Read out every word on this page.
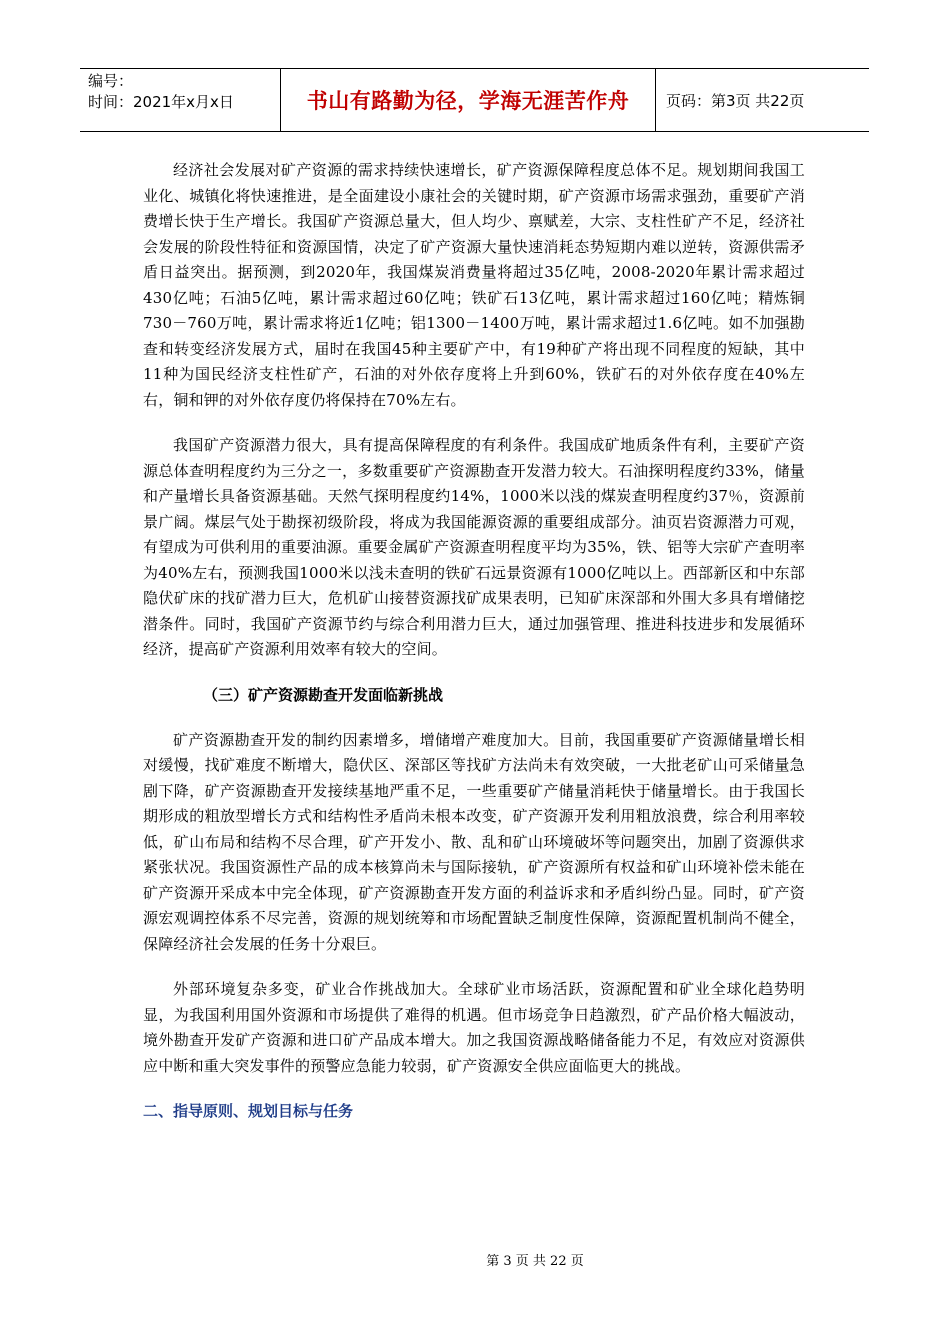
编号：
时间：2021年x月x日	书山有路勤为径，学海无涯苦作舟	页码：第3页 共22页

经济社会发展对矿产资源的需求持续快速增长，矿产资源保障程度总体不足。规划期间我国工业化、城镇化将快速推进，是全面建设小康社会的关键时期，矿产资源市场需求强劲，重要矿产消费增长快于生产增长。我国矿产资源总量大，但人均少、禀赋差，大宗、支柱性矿产不足，经济社会发展的阶段性特征和资源国情，决定了矿产资源大量快速消耗态势短期内难以逆转，资源供需矛盾日益突出。据预测，到2020年，我国煤炭消费量将超过35亿吨，2008-2020年累计需求超过430亿吨；石油5亿吨，累计需求超过60亿吨；铁矿石13亿吨，累计需求超过160亿吨；精炼铜730－760万吨，累计需求将近1亿吨；铝1300－1400万吨，累计需求超过1.6亿吨。如不加强勘查和转变经济发展方式，届时在我国45种主要矿产中，有19种矿产将出现不同程度的短缺，其中11种为国民经济支柱性矿产，石油的对外依存度将上升到60%，铁矿石的对外依存度在40%左右，铜和钾的对外依存度仍将保持在70%左右。

我国矿产资源潜力很大，具有提高保障程度的有利条件。我国成矿地质条件有利，主要矿产资源总体查明程度约为三分之一，多数重要矿产资源勘查开发潜力较大。石油探明程度约33%，储量和产量增长具备资源基础。天然气探明程度约14%，1000米以浅的煤炭查明程度约37％，资源前景广阔。煤层气处于勘探初级阶段，将成为我国能源资源的重要组成部分。油页岩资源潜力可观，有望成为可供利用的重要油源。重要金属矿产资源查明程度平均为35%，铁、铝等大宗矿产查明率为40%左右，预测我国1000米以浅未查明的铁矿石远景资源有1000亿吨以上。西部新区和中东部隐伏矿床的找矿潜力巨大，危机矿山接替资源找矿成果表明，已知矿床深部和外围大多具有增储挖潜条件。同时，我国矿产资源节约与综合利用潜力巨大，通过加强管理、推进科技进步和发展循环经济，提高矿产资源利用效率有较大的空间。

（三）矿产资源勘查开发面临新挑战

矿产资源勘查开发的制约因素增多，增储增产难度加大。目前，我国重要矿产资源储量增长相对缓慢，找矿难度不断增大，隐伏区、深部区等找矿方法尚未有效突破，一大批老矿山可采储量急剧下降，矿产资源勘查开发接续基地严重不足，一些重要矿产储量消耗快于储量增长。由于我国长期形成的粗放型增长方式和结构性矛盾尚未根本改变，矿产资源开发利用粗放浪费，综合利用率较低，矿山布局和结构不尽合理，矿产开发小、散、乱和矿山环境破坏等问题突出，加剧了资源供求紧张状况。我国资源性产品的成本核算尚未与国际接轨，矿产资源所有权益和矿山环境补偿未能在矿产资源开采成本中完全体现，矿产资源勘查开发方面的利益诉求和矛盾纠纷凸显。同时，矿产资源宏观调控体系不尽完善，资源的规划统筹和市场配置缺乏制度性保障，资源配置机制尚不健全，保障经济社会发展的任务十分艰巨。

外部环境复杂多变，矿业合作挑战加大。全球矿业市场活跃，资源配置和矿业全球化趋势明显，为我国利用国外资源和市场提供了难得的机遇。但市场竞争日趋激烈，矿产品价格大幅波动，境外勘查开发矿产资源和进口矿产品成本增大。加之我国资源战略储备能力不足，有效应对资源供应中断和重大突发事件的预警应急能力较弱，矿产资源安全供应面临更大的挑战。

二、指导原则、规划目标与任务
第 3 页 共 22 页
